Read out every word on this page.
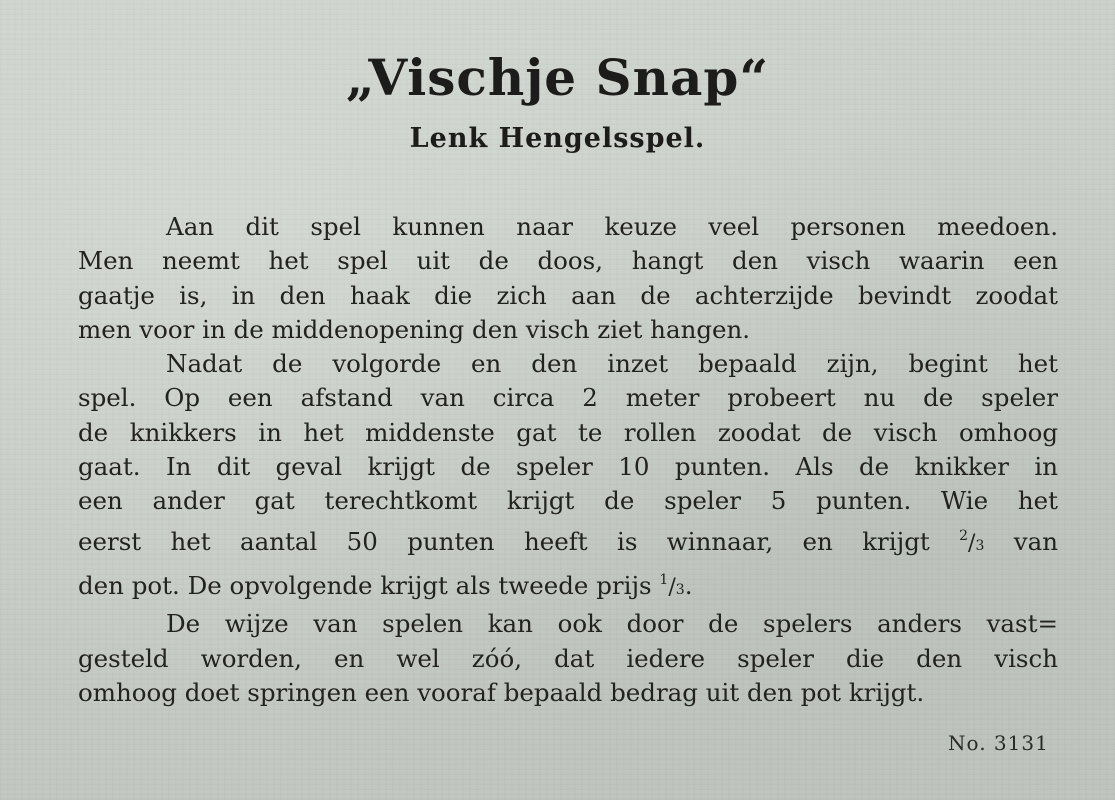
„Vischje Snap“
Lenk Hengelsspel.
Aan dit spel kunnen naar keuze veel personen meedoen.
Men neemt het spel uit de doos, hangt den visch waarin een
gaatje is, in den haak die zich aan de achterzijde bevindt zoodat
men voor in de middenopening den visch ziet hangen.
Nadat de volgorde en den inzet bepaald zijn, begint het
spel. Op een afstand van circa 2 meter probeert nu de speler
de knikkers in het middenste gat te rollen zoodat de visch omhoog
gaat. In dit geval krijgt de speler 10 punten. Als de knikker in
een ander gat terechtkomt krijgt de speler 5 punten. Wie het
eerst het aantal 50 punten heeft is winnaar, en krijgt $^2$/3 van
den pot. De opvolgende krijgt als tweede prijs $^1$/3.
De wijze van spelen kan ook door de spelers anders vast=
gesteld worden, en wel zóó, dat iedere speler die den visch
omhoog doet springen een vooraf bepaald bedrag uit den pot krijgt.
No. 3131
